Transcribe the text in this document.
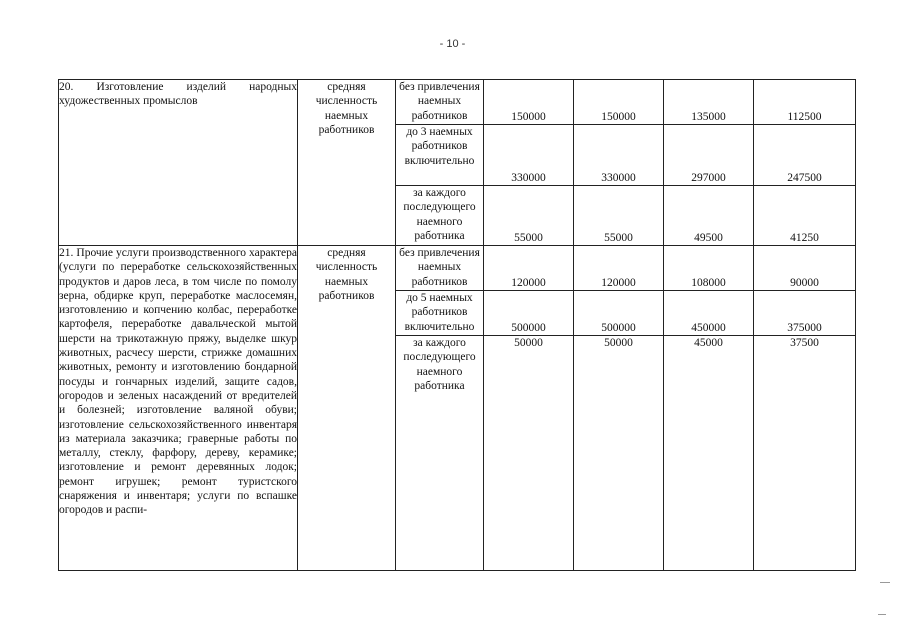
- 10 -
20. Изготовление изделий народных художественных промыслов	средняя численность наемных работников	без привлечения наемных работников	150000	150000	135000	112500
		до 3 наемных работников включительно	330000	330000	297000	247500
		за каждого последующего наемного работника	55000	55000	49500	41250
21. Прочие услуги производственного характера (услуги по переработке сельскохозяйственных продуктов и даров леса, в том числе по помолу зерна, обдирке круп, переработке маслосемян, изготовлению и копчению колбас, переработке картофеля, переработке давальческой мытой шерсти на трикотажную пряжу, выделке шкур животных, расчесу шерсти, стрижке домашних животных, ремонту и изготовлению бондарной посуды и гончарных изделий, защите садов, огородов и зеленых насаждений от вредителей и болезней; изготовление валяной обуви; изготовление сельскохозяйственного инвентаря из материала заказчика; граверные работы по металлу, стеклу, фарфору, дереву, керамике; изготовление и ремонт деревянных лодок; ремонт игрушек; ремонт туристского снаряжения и инвентаря; услуги по вспашке огородов и распи-	средняя численность наемных работников	без привлечения наемных работников	120000	120000	108000	90000
		до 5 наемных работников включительно	500000	500000	450000	375000
		за каждого последующего наемного работника	50000	50000	45000	37500
